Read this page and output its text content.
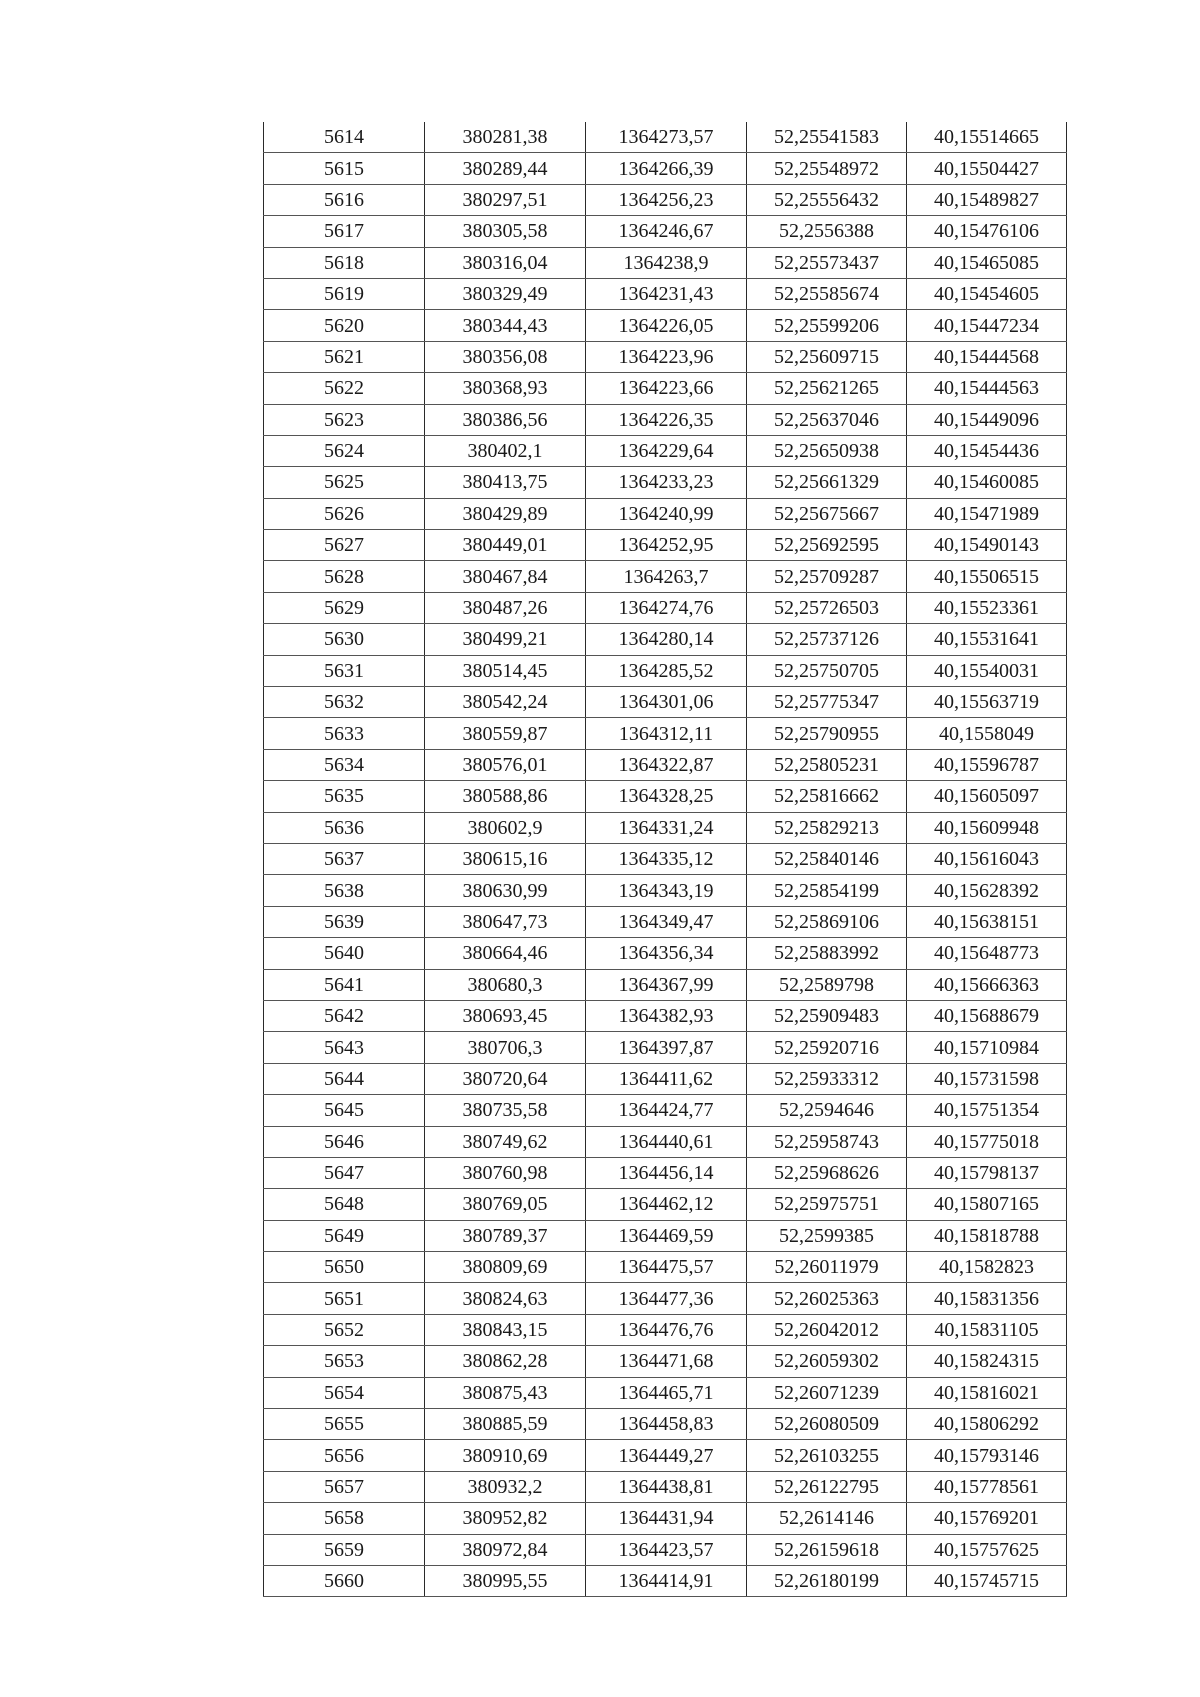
5614	380281,38	1364273,57	52,25541583	40,15514665
5615	380289,44	1364266,39	52,25548972	40,15504427
5616	380297,51	1364256,23	52,25556432	40,15489827
5617	380305,58	1364246,67	52,2556388	40,15476106
5618	380316,04	1364238,9	52,25573437	40,15465085
5619	380329,49	1364231,43	52,25585674	40,15454605
5620	380344,43	1364226,05	52,25599206	40,15447234
5621	380356,08	1364223,96	52,25609715	40,15444568
5622	380368,93	1364223,66	52,25621265	40,15444563
5623	380386,56	1364226,35	52,25637046	40,15449096
5624	380402,1	1364229,64	52,25650938	40,15454436
5625	380413,75	1364233,23	52,25661329	40,15460085
5626	380429,89	1364240,99	52,25675667	40,15471989
5627	380449,01	1364252,95	52,25692595	40,15490143
5628	380467,84	1364263,7	52,25709287	40,15506515
5629	380487,26	1364274,76	52,25726503	40,15523361
5630	380499,21	1364280,14	52,25737126	40,15531641
5631	380514,45	1364285,52	52,25750705	40,15540031
5632	380542,24	1364301,06	52,25775347	40,15563719
5633	380559,87	1364312,11	52,25790955	40,1558049
5634	380576,01	1364322,87	52,25805231	40,15596787
5635	380588,86	1364328,25	52,25816662	40,15605097
5636	380602,9	1364331,24	52,25829213	40,15609948
5637	380615,16	1364335,12	52,25840146	40,15616043
5638	380630,99	1364343,19	52,25854199	40,15628392
5639	380647,73	1364349,47	52,25869106	40,15638151
5640	380664,46	1364356,34	52,25883992	40,15648773
5641	380680,3	1364367,99	52,2589798	40,15666363
5642	380693,45	1364382,93	52,25909483	40,15688679
5643	380706,3	1364397,87	52,25920716	40,15710984
5644	380720,64	1364411,62	52,25933312	40,15731598
5645	380735,58	1364424,77	52,2594646	40,15751354
5646	380749,62	1364440,61	52,25958743	40,15775018
5647	380760,98	1364456,14	52,25968626	40,15798137
5648	380769,05	1364462,12	52,25975751	40,15807165
5649	380789,37	1364469,59	52,2599385	40,15818788
5650	380809,69	1364475,57	52,26011979	40,1582823
5651	380824,63	1364477,36	52,26025363	40,15831356
5652	380843,15	1364476,76	52,26042012	40,15831105
5653	380862,28	1364471,68	52,26059302	40,15824315
5654	380875,43	1364465,71	52,26071239	40,15816021
5655	380885,59	1364458,83	52,26080509	40,15806292
5656	380910,69	1364449,27	52,26103255	40,15793146
5657	380932,2	1364438,81	52,26122795	40,15778561
5658	380952,82	1364431,94	52,2614146	40,15769201
5659	380972,84	1364423,57	52,26159618	40,15757625
5660	380995,55	1364414,91	52,26180199	40,15745715
